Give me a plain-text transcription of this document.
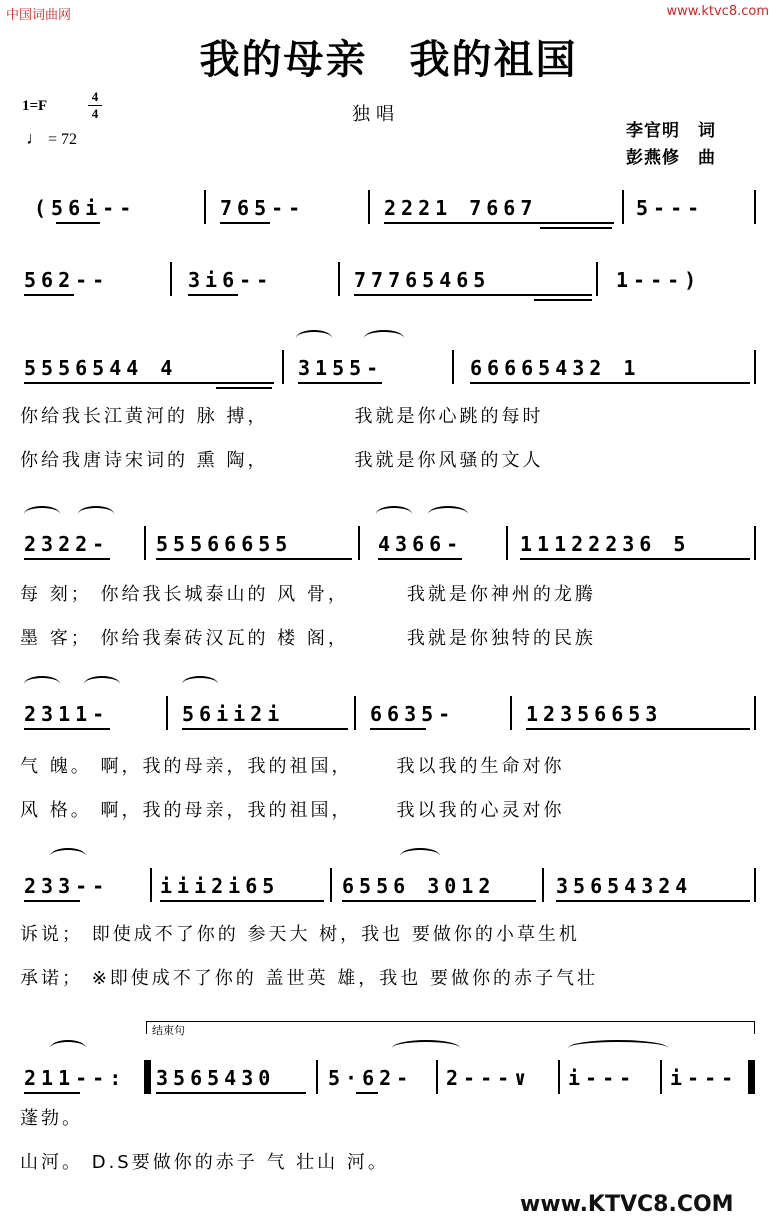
中国词曲网	www.ktvc8.com
我的母亲　我的祖国
1=F
4
4
♩ = 72
独唱
李官明　词
彭燕修　曲
(56i--	765--	2221 7667	5---
562--	3i6--	77765465	1---)
5556544 4	3155-	66665432 1
你给我长江黄河的 脉 搏，	我就是你心跳的每时
你给我唐诗宋词的 熏 陶，	我就是你风骚的文人
2322- 55566655	4366-	11122236 5
每 刻； 你给我长城泰山的 风 骨，	我就是你神州的龙腾
墨 客； 你给我秦砖汉瓦的 楼 阁，	我就是你独特的民族
2311-	56ii2i	6635-	12356653
气 魄。 啊，我的母亲，我的祖国， 我以我的生命对你
风 格。 啊，我的母亲，我的祖国， 我以我的心灵对你
233--	iii2i65	6556 3012	35654324
诉说； 即使成不了你的 参天大 树，我也 要做你的小草生机
承诺； ※即使成不了你的 盖世英 雄，我也 要做你的赤子气壮
结束句
211--: 3565430	5·62- 2---∨ i--- i---
蓬勃。
山河。 D.S要做你的赤子 气 壮山 河。
www.KTVC8.COM
